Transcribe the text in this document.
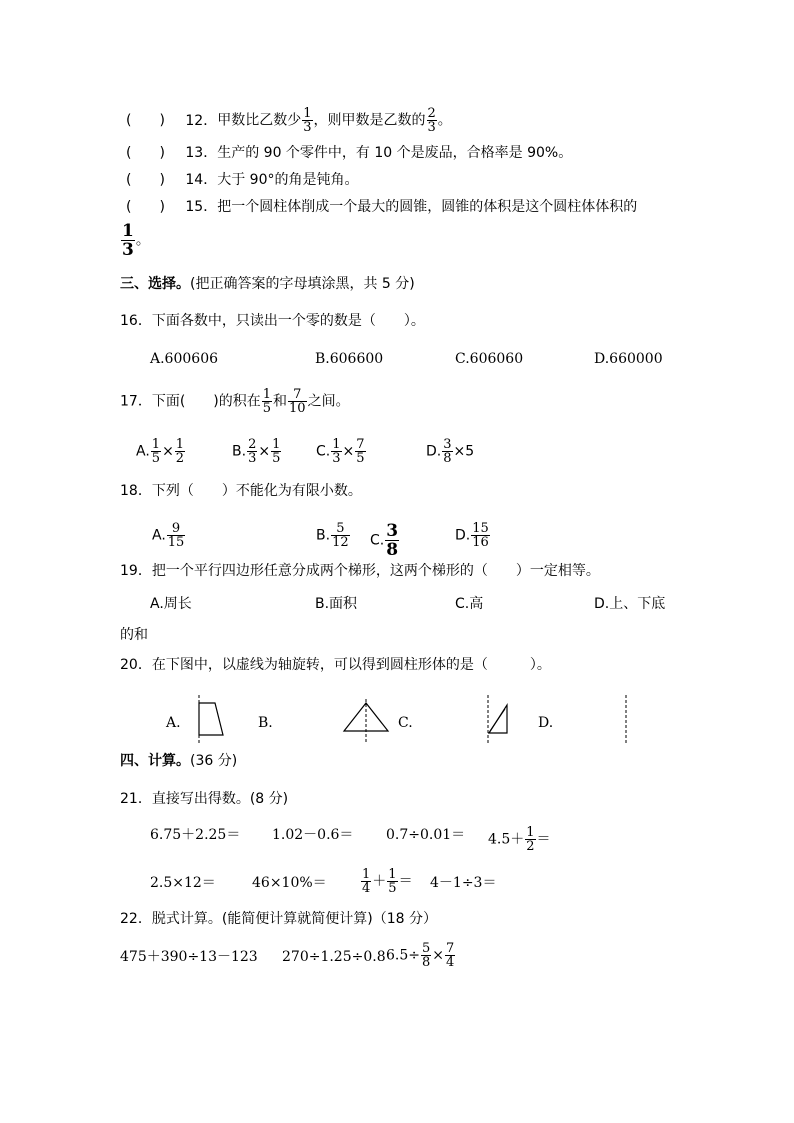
(　　) 12．甲数比乙数少 $\frac{1}{3}$ ，则甲数是乙数的 $\frac{2}{3}$ 。
(　　) 13．生产的 90 个零件中，有 10 个是废品，合格率是 90%。
(　　) 14．大于 90°的角是钝角。
(　　) 15．把一个圆柱体削成一个最大的圆锥，圆锥的体积是这个圆柱体体积的
$\frac{1}{3}$ 。
三、选择。(把正确答案的字母填涂黑，共 5 分)
16．下面各数中，只读出一个零的数是（　　）。
A.600606	B.606600	C.606060	D.660000
17．下面(　　)的积在 $\frac{1}{5}$ 和 $\frac{7}{10}$ 之间。
A. $\frac{1}{5} \times \frac{1}{2}$	B. $\frac{2}{3} \times \frac{1}{5} C$. $\frac{1}{3} \times \frac{7}{5}$	D. $\frac{3}{8} \times 5$
18．下列（　　）不能化为有限小数。
A. $\frac{9}{15}$	B. $\frac{5}{12} C$. $\frac{3}{8}$	D. $\frac{15}{16}$
19．把一个平行四边形任意分成两个梯形，这两个梯形的（　　）一定相等。
A.周长	B.面积	C.高	D.上、下底
的和
20．在下图中，以虚线为轴旋转，可以得到圆柱形体的是（　　　）。
A.	B.	C.	D.
四、计算。(36 分)
21．直接写出得数。(8 分)
$6.75+2.25= 1.02-0.6= 0.7\div 0.01= 4.5+ \frac{1}{2}$ ＝
2.5×12＝	46×10%＝	$\frac{1}{4} + \frac{1}{5} = 4-1\div 3=$
22．脱式计算。(能简便计算就简便计算)（18 分）
475＋390÷13－123 270÷1.25÷0.8 $6.5\div \frac{5}{8} \times \frac{7}{4}$
